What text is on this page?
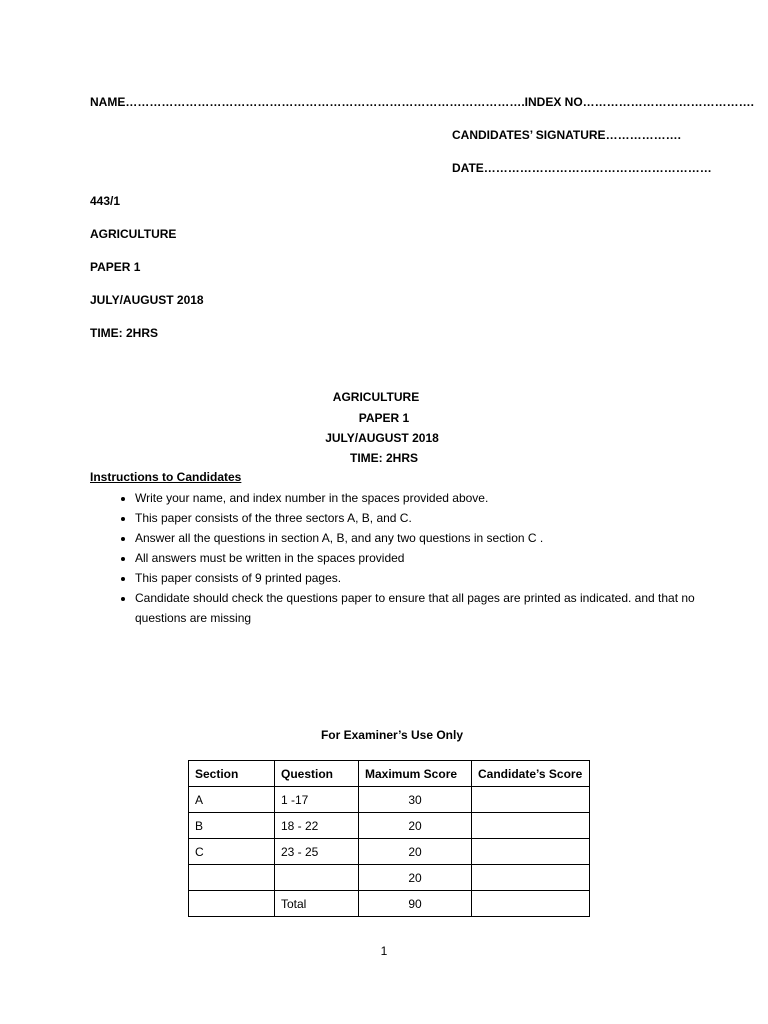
NAME……………………………………………………………………………………….INDEX NO…………………………………….
CANDIDATES’ SIGNATURE……………….
DATE…………………………………………………
443/1
AGRICULTURE
PAPER 1
JULY/AUGUST 2018
TIME: 2HRS
AGRICULTURE
PAPER 1
JULY/AUGUST 2018
TIME: 2HRS
Instructions to Candidates
• Write your name, and index number in the spaces provided above.
• This paper consists of the three sectors A, B, and C.
• Answer all the questions in section A, B, and any two questions in section C .
• All answers must be written in the spaces provided
• This paper consists of 9 printed pages.
• Candidate should check the questions paper to ensure that all pages are printed as indicated. and that no questions are missing
For Examiner’s Use Only
Section	Question	Maximum Score	Candidate’s Score
A	1 -17	30	
B	18 - 22	20	
C	23 - 25	20	
		20	
	Total	90	
1
